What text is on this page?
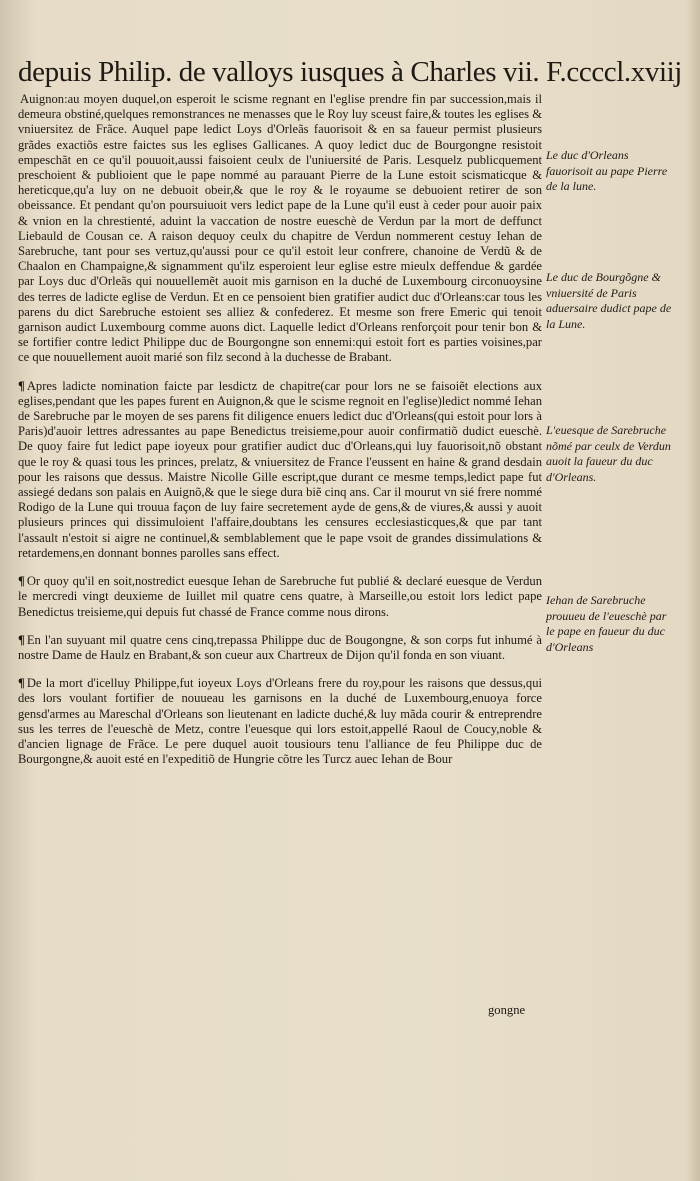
depuis Philip. de valloys iusques à Charles vii. F.ccccl.xviij

Auignon:au moyen duquel,on esperoit le scisme regnant en l'eglise prendre fin par succession,mais il demeura obstiné,quelques remonstrances ne menasses que le Roy luy sceust faire,& toutes les eglises & vniuersitez de Frãce. Auquel pape ledict Loys d'Orleãs fauorisoit & en sa faueur permist plusieurs grãdes exactiõs estre faictes sus les eglises Gallicanes. A quoy ledict duc de Bourgongne resistoit empeschãt en ce qu'il pouuoit,aussi faisoient ceulx de l'uniuersité de Paris. Lesquelz publicquement preschoient & publioient que le pape nommé au parauant Pierre de la Lune estoit scismaticque & hereticque,qu'a luy on ne debuoit obeir,& que le roy & le royaume se debuoient retirer de son obeissance. Et pendant qu'on poursuiuoit vers ledict pape de la Lune qu'il eust à ceder pour auoir paix & vnion en la chrestienté, aduint la vaccation de nostre eueschè de Verdun par la mort de deffunct Liebauld de Cousan ce. A raison dequoy ceulx du chapitre de Verdun nommerent cestuy Iehan de Sarebruche, tant pour ses vertuz,qu'aussi pour ce qu'il estoit leur confrere, chanoine de Verdũ & de Chaalon en Champaigne,& signamment qu'ilz esperoient leur eglise estre mieulx deffendue & gardée par Loys duc d'Orleãs qui nouuellemẽt auoit mis garnison en la duché de Luxembourg circonuoysine des terres de ladicte eglise de Verdun. Et en ce pensoient bien gratifier audict duc d'Orleans:car tous les parens du dict Sarebruche estoient ses alliez & confederez. Et mesme son frere Emeric qui tenoit garnison audict Luxembourg comme auons dict. Laquelle ledict d'Orleans renforçoit pour tenir bon & se fortifier contre ledict Philippe duc de Bourgongne son ennemi:qui estoit fort es parties voisines,par ce que nouuellement auoit marié son filz second à la duchesse de Brabant.

¶ Apres ladicte nomination faicte par lesdictz de chapitre(car pour lors ne se faisoiẽt elections aux eglises,pendant que les papes furent en Auignon,& que le scisme regnoit en l'eglise)ledict nommé Iehan de Sarebruche par le moyen de ses parens fit diligence enuers ledict duc d'Orleans(qui estoit pour lors à Paris)d'auoir lettres adressantes au pape Benedictus treisieme,pour auoir confirmatiõ dudict eueschè. De quoy faire fut ledict pape ioyeux pour gratifier audict duc d'Orleans,qui luy fauorisoit,nõ obstant que le roy & quasi tous les princes, prelatz, & vniuersitez de France l'eussent en haine & grand desdain pour les raisons que dessus. Maistre Nicolle Gille escript,que durant ce mesme temps,ledict pape fut assiegé dedans son palais en Auignõ,& que le siege dura biẽ cinq ans. Car il mourut vn sié frere nommé Rodigo de la Lune qui trouua façon de luy faire secretement ayde de gens,& de viures,& aussi y auoit plusieurs princes qui dissimuloient l'affaire,doubtans les censures ecclesiasticques,& que par tant l'assault n'estoit si aigre ne continuel,& semblablement que le pape vsoit de grandes dissimulations & retardemens,en donnant bonnes parolles sans effect.

¶ Or quoy qu'il en soit,nostredict euesque Iehan de Sarebruche fut publié & declaré euesque de Verdun le mercredi vingt deuxieme de Iuillet mil quatre cens quatre, à Marseille,ou estoit lors ledict pape Benedictus treisieme,qui depuis fut chassé de France comme nous dirons.

¶ En l'an suyuant mil quatre cens cinq,trepassa Philippe duc de Bougongne, & son corps fut inhumé à nostre Dame de Haulz en Brabant,& son cueur aux Chartreux de Dijon qu'il fonda en son viuant.

¶ De la mort d'icelluy Philippe,fut ioyeux Loys d'Orleans frere du roy,pour les raisons que dessus,qui des lors voulant fortifier de nouueau les garnisons en la duché de Luxembourg,enuoya force gensd'armes au Mareschal d'Orleans son lieutenant en ladicte duché,& luy mãda courir & entreprendre sus les terres de l'eueschè de Metz, contre l'euesque qui lors estoit,appellé Raoul de Coucy,noble & d'ancien lignage de Frãce. Le pere duquel auoit tousiours tenu l'alliance de feu Philippe duc de Bourgongne,& auoit esté en l'expeditiõ de Hungrie cõtre les Turcz auec Iehan de Bour

Le duc d'Orleans fauorisoit au pape Pierre de la lune.
Le duc de Bourgõgne & vniuersité de Paris aduersaire dudict pape de la Lune.
L'euesque de Sarebruche nõmé par ceulx de Verdun auoit la faueur du duc d'Orleans.
Iehan de Sarebruche prouueu de l'eueschè par le pape en faueur du duc d'Orleans
gongne
